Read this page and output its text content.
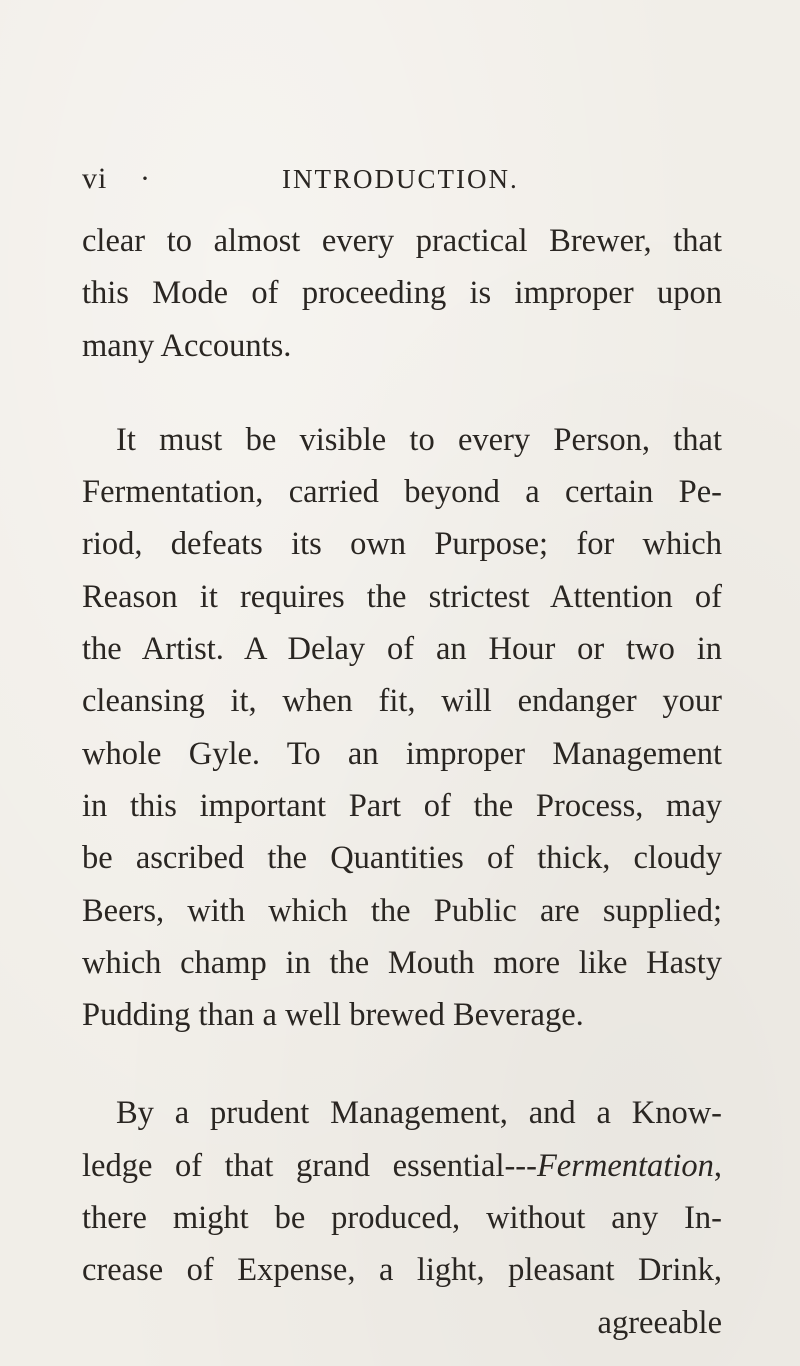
vi ·	INTRODUCTION.
clear to almost every practical Brewer, that
this Mode of proceeding is improper upon
many Accounts.
It must be visible to every Person, that
Fermentation, carried beyond a certain Pe-
riod, defeats its own Purpose; for which
Reason it requires the strictest Attention of
the Artist. A Delay of an Hour or two in
cleansing it, when fit, will endanger your
whole Gyle. To an improper Management
in this important Part of the Process, may
be ascribed the Quantities of thick, cloudy
Beers, with which the Public are supplied;
which champ in the Mouth more like Hasty
Pudding than a well brewed Beverage.
By a prudent Management, and a Know-
ledge of that grand essential---Fermentation,
there might be produced, without any In-
crease of Expense, a light, pleasant Drink,
agreeable
